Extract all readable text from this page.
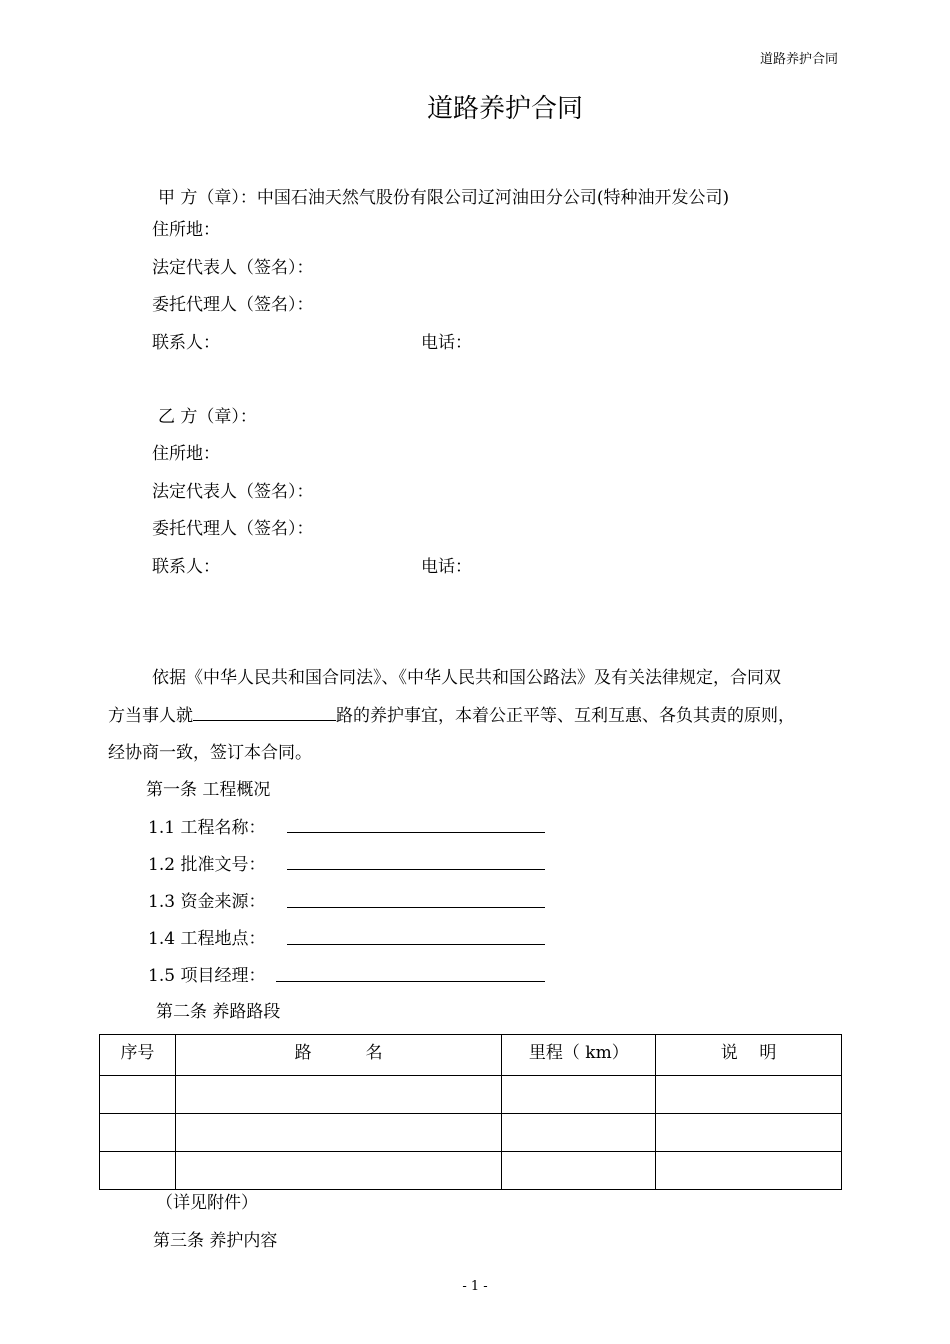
道路养护合同
道路养护合同
甲 方（章）：中国石油天然气股份有限公司辽河油田分公司(特种油开发公司)
住所地：
法定代表人（签名）：
委托代理人（签名）：
联系人：	电话：
乙 方（章）：
住所地：
法定代表人（签名）：
委托代理人（签名）：
联系人：	电话：
依据《中华人民共和国合同法》、《中华人民共和国公路法》及有关法律规定，合同双
方当事人就	路的养护事宜，本着公正平等、互利互惠、各负其责的原则，
经协商一致，签订本合同。
第一条 工程概况
1.1 工程名称：
1.2 批准文号：
1.3 资金来源：
1.4 工程地点：
1.5 项目经理：
第二条 养路路段
序号	路          名	里程（ km）	说    明

（详见附件）
第三条 养护内容
- 1 -
